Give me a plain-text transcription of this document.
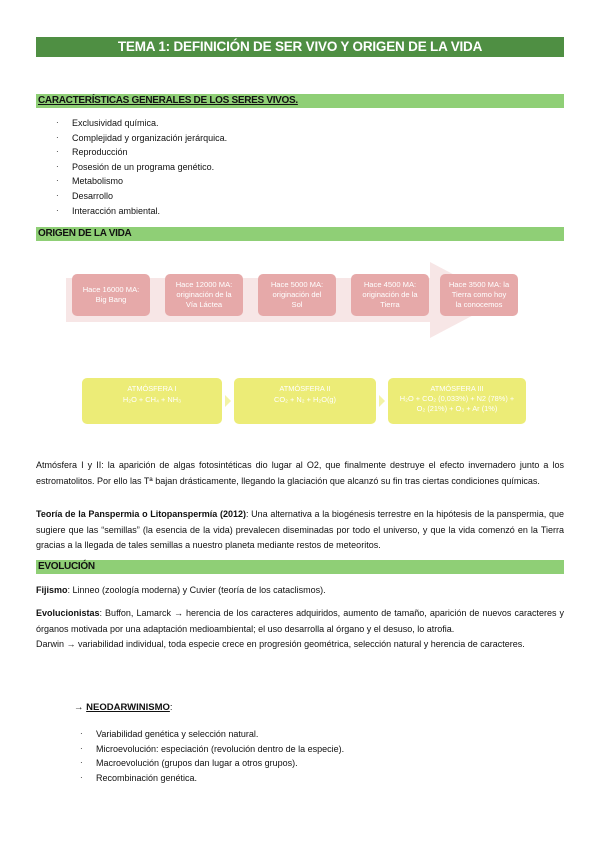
TEMA 1: DEFINICIÓN DE SER VIVO Y ORIGEN DE LA VIDA
CARACTERÍSTICAS GENERALES DE LOS SERES VIVOS.
· Exclusividad química.
· Complejidad y organización jerárquica.
· Reproducción
· Posesión de un programa genético.
· Metabolismo
· Desarrollo
· Interacción ambiental.
ORIGEN DE LA VIDA
Hace 16000 MA:
Big Bang
Hace 12000 MA:
originación de la
Vía Láctea
Hace 5000 MA:
originación del
Sol
Hace 4500 MA:
originación de la
Tierra
Hace 3500 MA: la
Tierra como hoy
la conocemos
ATMÓSFERA I
H₂O + CH₄ + NH₃
ATMÓSFERA II
CO₂ + N₂ + H₂O(g)
ATMÓSFERA III
H₂O + CO₂ (0,033%) + N2 (78%) +
O₂ (21%) + O₃ + Ar (1%)
Atmósfera I y II: la aparición de algas fotosintéticas dio lugar al O2, que finalmente destruye el efecto invernadero junto a los estromatolitos. Por ello las Tª bajan drásticamente, llegando la glaciación que alcanzó su fin tras ciertas condiciones químicas.
Teoría de la Panspermia o Litopanspermía (2012): Una alternativa a la biogénesis terrestre en la hipótesis de la panspermia, que sugiere que las “semillas” (la esencia de la vida) prevalecen diseminadas por todo el universo, y que la vida comenzó en la Tierra gracias a la llegada de tales semillas a nuestro planeta mediante restos de meteoritos.
EVOLUCIÓN
Fijismo: Linneo (zoología moderna) y Cuvier (teoría de los cataclismos).
Evolucionistas: Buffon, Lamarck → herencia de los caracteres adquiridos, aumento de tamaño, aparición de nuevos caracteres y órganos motivada por una adaptación medioambiental; el uso desarrolla al órgano y el desuso, lo atrofia.
Darwin → variabilidad individual, toda especie crece en progresión geométrica, selección natural y herencia de caracteres.
→ NEODARWINISMO:
· Variabilidad genética y selección natural.
· Microevolución: especiación (revolución dentro de la especie).
· Macroevolución (grupos dan lugar a otros grupos).
· Recombinación genética.
